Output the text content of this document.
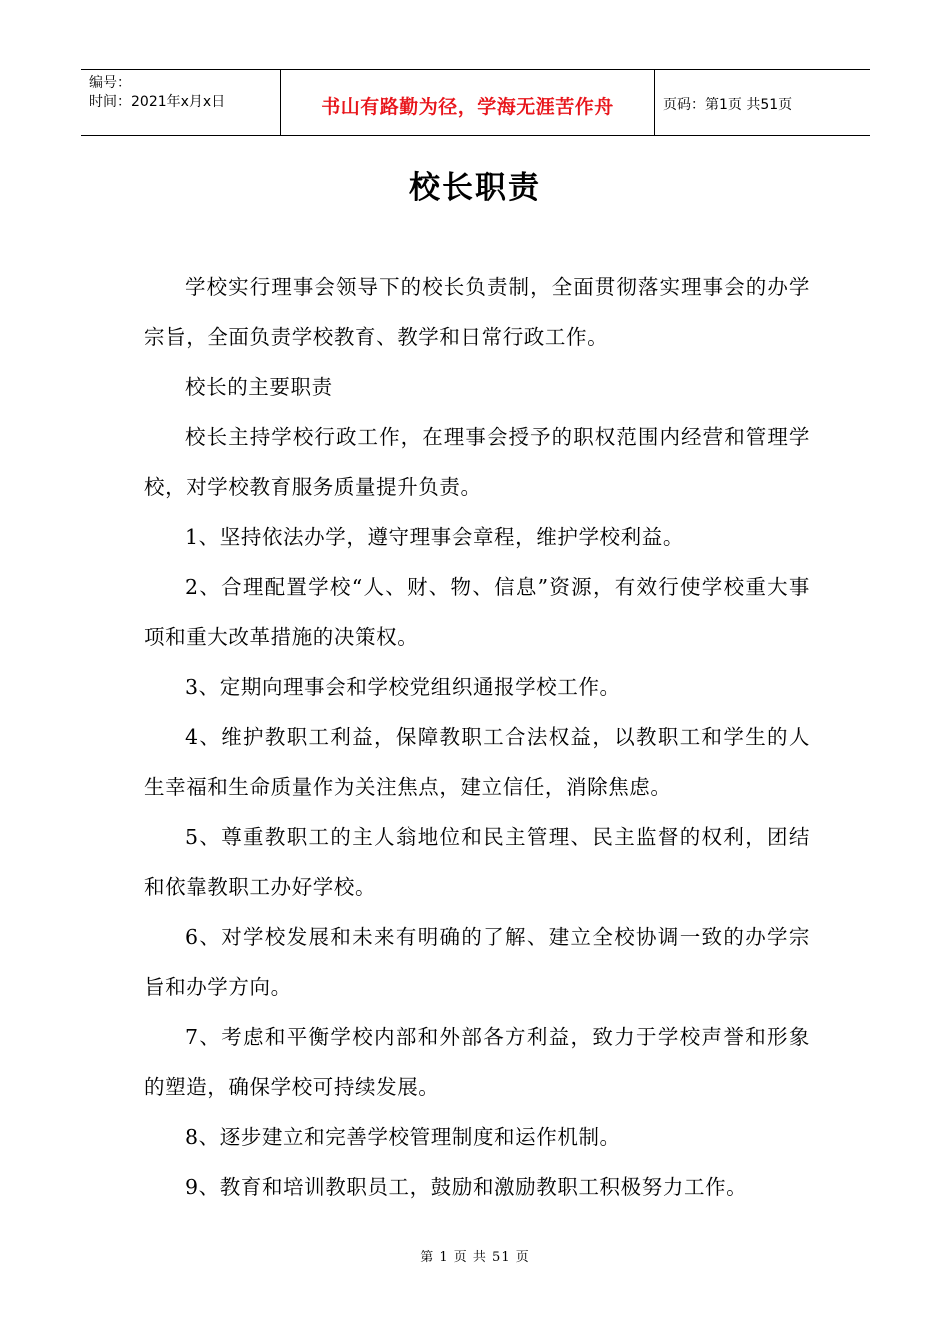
编号：
时间：2021年x月x日	书山有路勤为径，学海无涯苦作舟	页码：第1页 共51页
校长职责

学校实行理事会领导下的校长负责制，全面贯彻落实理事会的办学宗旨，全面负责学校教育、教学和日常行政工作。

校长的主要职责

校长主持学校行政工作，在理事会授予的职权范围内经营和管理学校，对学校教育服务质量提升负责。

1、坚持依法办学，遵守理事会章程，维护学校利益。

2、合理配置学校“人、财、物、信息”资源，有效行使学校重大事项和重大改革措施的决策权。

3、定期向理事会和学校党组织通报学校工作。

4、维护教职工利益，保障教职工合法权益，以教职工和学生的人生幸福和生命质量作为关注焦点，建立信任，消除焦虑。

5、尊重教职工的主人翁地位和民主管理、民主监督的权利，团结和依靠教职工办好学校。

6、对学校发展和未来有明确的了解、建立全校协调一致的办学宗旨和办学方向。

7、考虑和平衡学校内部和外部各方利益，致力于学校声誉和形象的塑造，确保学校可持续发展。

8、逐步建立和完善学校管理制度和运作机制。

9、教育和培训教职员工，鼓励和激励教职工积极努力工作。

第 1 页 共 51 页
